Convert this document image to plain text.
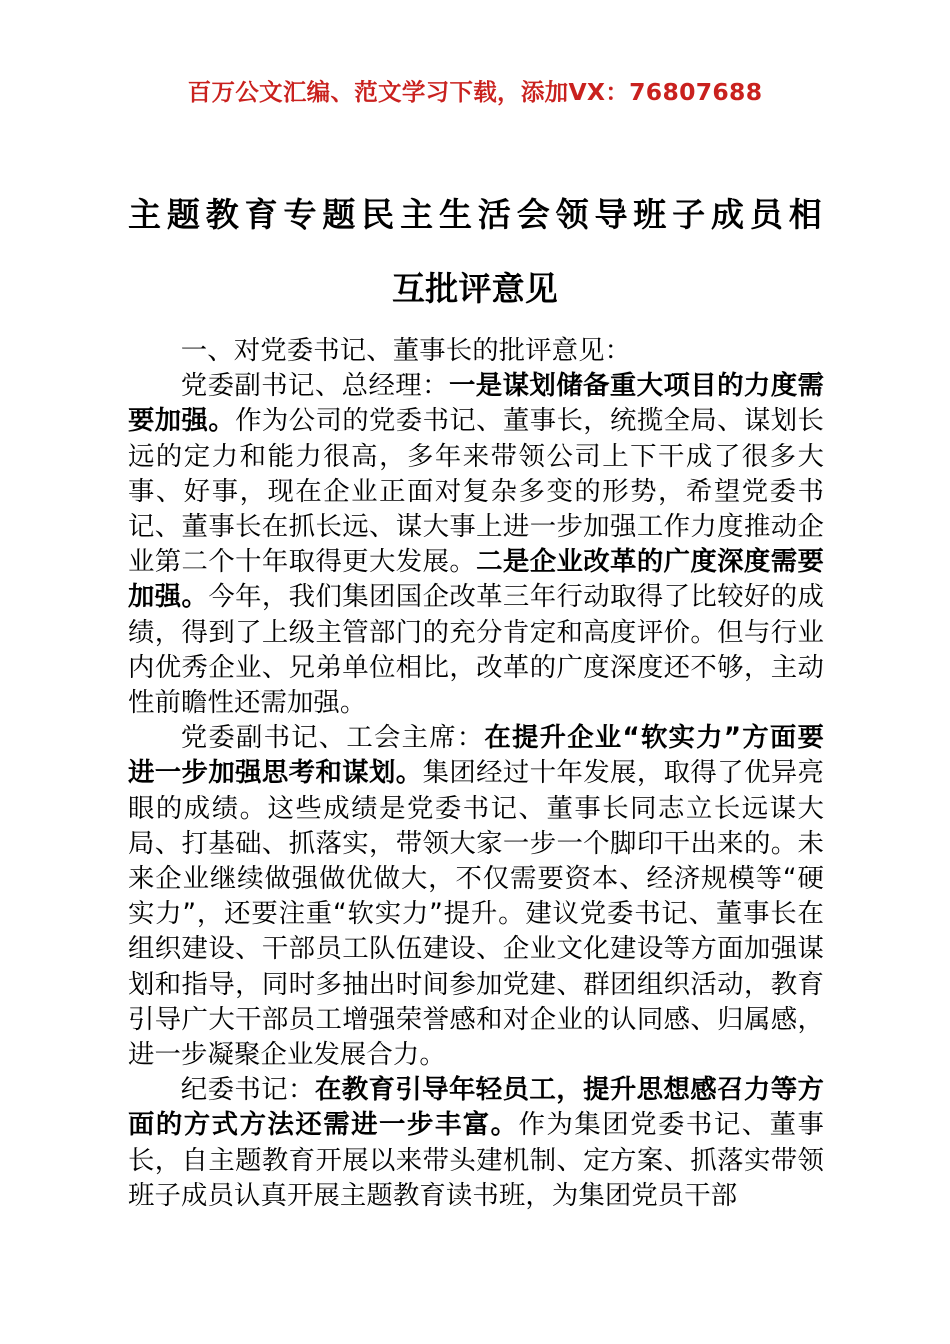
百万公文汇编、范文学习下载，添加VX：76807688
主题教育专题民主生活会领导班子成员相
互批评意见

一、对党委书记、董事长的批评意见：

党委副书记、总经理：一是谋划储备重大项目的力度需要加强。作为公司的党委书记、董事长，统揽全局、谋划长远的定力和能力很高，多年来带领公司上下干成了很多大事、好事，现在企业正面对复杂多变的形势，希望党委书记、董事长在抓长远、谋大事上进一步加强工作力度推动企业第二个十年取得更大发展。二是企业改革的广度深度需要加强。今年，我们集团国企改革三年行动取得了比较好的成绩，得到了上级主管部门的充分肯定和高度评价。但与行业内优秀企业、兄弟单位相比，改革的广度深度还不够，主动性前瞻性还需加强。

党委副书记、工会主席：在提升企业“软实力”方面要进一步加强思考和谋划。集团经过十年发展，取得了优异亮眼的成绩。这些成绩是党委书记、董事长同志立长远谋大局、打基础、抓落实，带领大家一步一个脚印干出来的。未来企业继续做强做优做大，不仅需要资本、经济规模等“硬实力”，还要注重“软实力”提升。建议党委书记、董事长在组织建设、干部员工队伍建设、企业文化建设等方面加强谋划和指导，同时多抽出时间参加党建、群团组织活动，教育引导广大干部员工增强荣誉感和对企业的认同感、归属感，进一步凝聚企业发展合力。

纪委书记：在教育引导年轻员工，提升思想感召力等方面的方式方法还需进一步丰富。作为集团党委书记、董事长，自主题教育开展以来带头建机制、定方案、抓落实带领班子成员认真开展主题教育读书班，为集团党员干部
